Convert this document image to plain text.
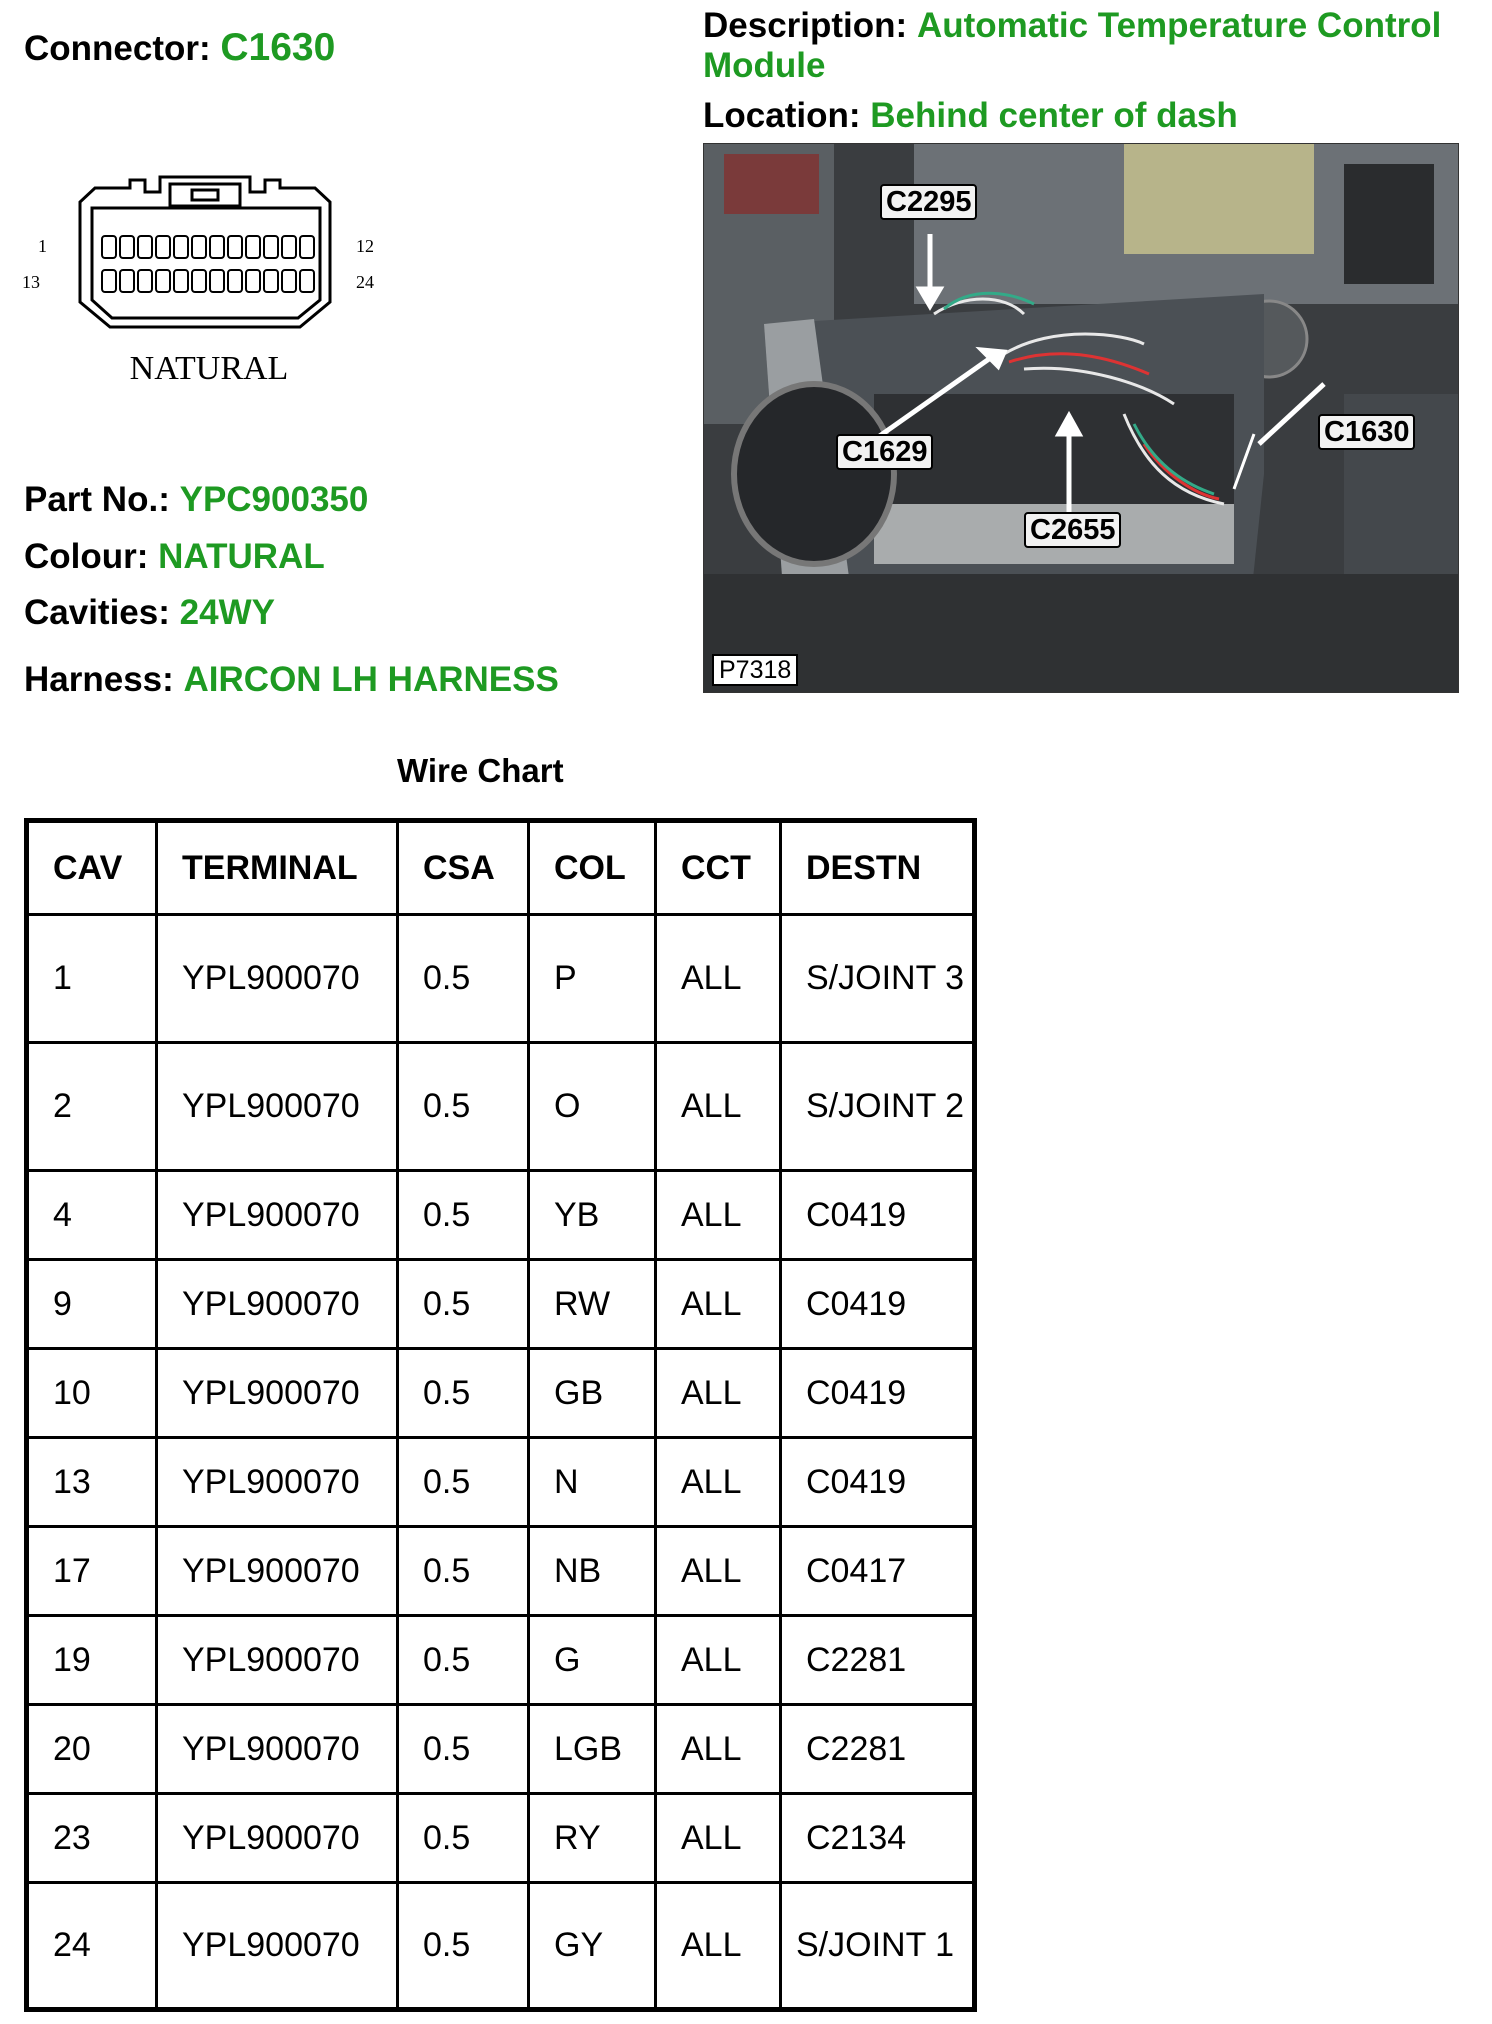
Connector: C1630
Description: Automatic Temperature Control Module
Location: Behind center of dash
1
13
12
24
NATURAL
C2295
C1629
C2655
C1630
P7318
Part No.: YPC900350
Colour: NATURAL
Cavities: 24WY
Harness: AIRCON LH HARNESS
Wire Chart
CAV	TERMINAL	CSA	COL	CCT	DESTN
1	YPL900070	0.5	P	ALL	S/JOINT 3
2	YPL900070	0.5	O	ALL	S/JOINT 2
4	YPL900070	0.5	YB	ALL	C0419
9	YPL900070	0.5	RW	ALL	C0419
10	YPL900070	0.5	GB	ALL	C0419
13	YPL900070	0.5	N	ALL	C0419
17	YPL900070	0.5	NB	ALL	C0417
19	YPL900070	0.5	G	ALL	C2281
20	YPL900070	0.5	LGB	ALL	C2281
23	YPL900070	0.5	RY	ALL	C2134
24	YPL900070	0.5	GY	ALL	S/JOINT 1
